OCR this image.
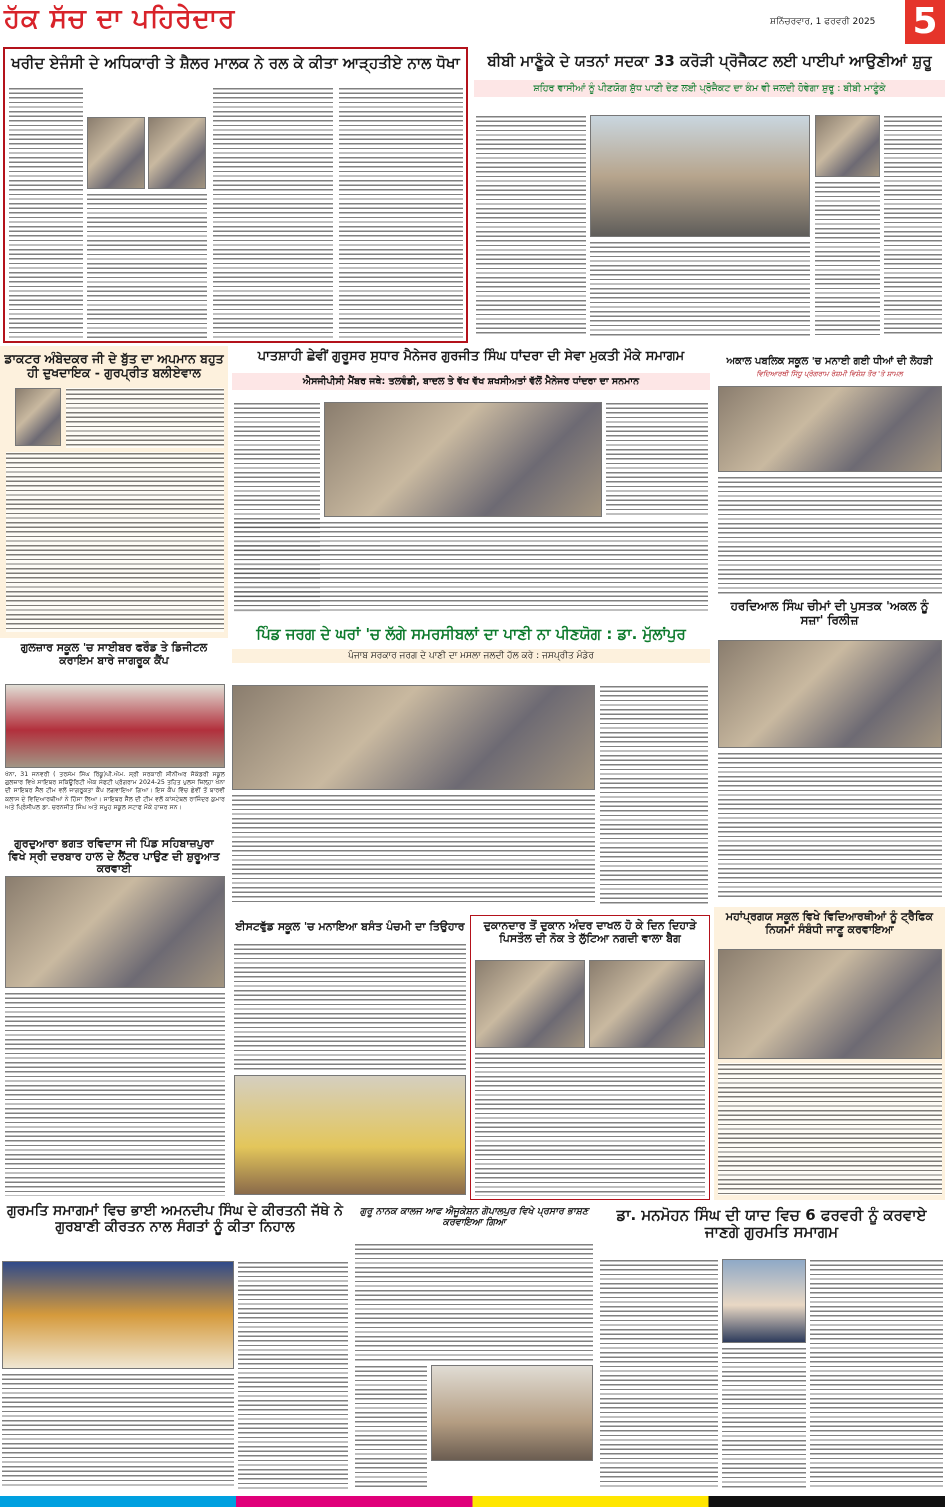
ਹੱਕ ਸੱਚ ਦਾ ਪਹਿਰੇਦਾਰ	ਸ਼ਨਿੱਚਰਵਾਰ, 1 ਫਰਵਰੀ 2025 5
ਖਰੀਦ ਏਜੰਸੀ ਦੇ ਅਧਿਕਾਰੀ ਤੇ ਸ਼ੈਲਰ ਮਾਲਕ ਨੇ ਰਲ ਕੇ ਕੀਤਾ ਆੜ੍ਹਤੀਏ ਨਾਲ ਧੋਖਾ	ਬੀਬੀ ਮਾਣੂੰਕੇ ਦੇ ਯਤਨਾਂ ਸਦਕਾ 33 ਕਰੋੜੀ ਪ੍ਰੋਜੈਕਟ ਲਈ ਪਾਈਪਾਂ ਆਉਣੀਆਂ ਸ਼ੁਰੂ
ਸ਼ਹਿਰ ਵਾਸੀਆਂ ਨੂੰ ਪੀਣਯੋਗ ਸ਼ੁੱਧ ਪਾਣੀ ਦੇਣ ਲਈ ਪ੍ਰੋਜੈਕਟ ਦਾ ਕੰਮ ਵੀ ਜਲਦੀ ਹੋਵੇਗਾ ਸ਼ੁਰੂ : ਬੀਬੀ ਮਾਣੂੰਕੇ
ਡਾਕਟਰ ਅੰਬੇਦਕਰ ਜੀ ਦੇ ਬੁੱਤ ਦਾ ਅਪਮਾਨ ਬਹੁਤ ਹੀ ਦੁਖਦਾਇਕ - ਗੁਰਪ੍ਰੀਤ ਬਲੀਏਵਾਲ
ਪਾਤਸ਼ਾਹੀ ਛੇਵੀਂ ਗੁਰੂਸਰ ਸੁਧਾਰ ਮੈਨੇਜਰ ਗੁਰਜੀਤ ਸਿੰਘ ਧਾਂਦਰਾ ਦੀ ਸੇਵਾ ਮੁਕਤੀ ਮੌਕੇ ਸਮਾਗਮ
ਐਸਜੀਪੀਸੀ ਮੈਂਬਰ ਜਥੇ: ਤਲਵੰਡੀ, ਬਾਦਲ ਤੇ ਵੱਖ ਵੱਖ ਸ਼ਖਸੀਅਤਾਂ ਵੱਲੋਂ ਮੈਨੇਜਰ ਧਾਂਦਰਾ ਦਾ ਸਨਮਾਨ
ਅਕਾਲ ਪਬਲਿਕ ਸਕੂਲ 'ਚ ਮਨਾਈ ਗਈ ਧੀਆਂ ਦੀ ਲੋਹੜੀ
ਵਿਦਿਆਰਥੀ ਸਿੱਧੂ ਪ੍ਰੋਗਰਾਮ ਰੇਸ਼ਮੀ ਵਿਸ਼ੇਸ਼ ਤੌਰ 'ਤੇ ਸ਼ਾਮਲ
ਹਰਦਿਆਲ ਸਿੰਘ ਚੀਮਾਂ ਦੀ ਪੁਸਤਕ 'ਅਕਲ ਨੂੰ ਸਜ਼ਾ' ਰਿਲੀਜ਼
ਪਿੰਡ ਜਰਗ ਦੇ ਘਰਾਂ 'ਚ ਲੱਗੇ ਸਮਰਸੀਬਲਾਂ ਦਾ ਪਾਣੀ ਨਾ ਪੀਣਯੋਗ : ਡਾ. ਮੁੱਲਾਂਪੁਰ
ਪੰਜਾਬ ਸਰਕਾਰ ਜਰਗ ਦੇ ਪਾਣੀ ਦਾ ਮਸਲਾ ਜਲਦੀ ਹੱਲ ਕਰੇ : ਜਸਪ੍ਰੀਤ ਮੰਡੇਰ
ਗੁਲਜ਼ਾਰ ਸਕੂਲ 'ਚ ਸਾਈਬਰ ਫਰੌਡ ਤੇ ਡਿਜੀਟਲ ਕਰਾਇਮ ਬਾਰੇ ਜਾਗਰੂਕ ਕੈਂਪ
ਖੰਨਾ, 31 ਜਨਵਰੀ ( ਤਰਸੇਮ ਸਿੰਘ ਰਿੰਕੂ)ਪੀ.ਐਮ. ਸ੍ਰੀ ਸਰਕਾਰੀ ਸੀਨੀਅਰ ਸੈਕੰਡਰੀ ਸਕੂਲ ਗੁਲਜ਼ਾਰ ਵਿਖੇ ਸਾਇਬਰ ਸਕਿਊਰਿਟੀ ਐਕ ਸੇਫਟੀ ਪ੍ਰੋਗਰਾਮ 2024-25 ਤਹਿਤ ਪੁਲਸ ਜ਼ਿਲ੍ਹਾ ਖੰਨਾ ਦੀ ਸਾਇਬਰ ਸੈੱਲ ਟੀਮ ਵਲੋਂ ਜਾਗਰੂਕਤਾ ਕੈਂਪ ਲਗਵਾਇਆ ਗਿਆ। ਇਸ ਕੈਂਪ ਵਿੱਚ ਛੇਵੀਂ ਤੋਂ ਬਾਰਵੀਂ ਕਲਾਸ ਦੇ ਵਿਦਿਆਰਥੀਆਂ ਨੇ ਹਿੱਸਾ ਲਿਆ। ਸਾਇਬਰ ਸੈੱਲ ਦੀ ਟੀਮ ਵਲੋਂ ਕਾਂਸਟੇਬਲ ਰਾਜਿੰਦਰ ਕੁਮਾਰ ਅਤੇ ਪ੍ਰਿੰਸੀਪਲ ਡਾ. ਚਰਨਜੀਤ ਸਿੰਘ ਅਤੇ ਸਮੂਹ ਸਕੂਲ ਸਟਾਫ ਮੌਕੇ ਹਾਜ਼ਰ ਸਨ।
ਗੁਰਦੁਆਰਾ ਭਗਤ ਰਵਿਦਾਸ ਜੀ ਪਿੰਡ ਸਹਿਬਾਜ਼ਪੁਰਾ ਵਿਖੇ ਸ੍ਰੀ ਦਰਬਾਰ ਹਾਲ ਦੇ ਲੈਂਟਰ ਪਾਉਣ ਦੀ ਸ਼ੁਰੂਆਤ ਕਰਵਾਈ
ਈਸਟਵੁੱਡ ਸਕੂਲ 'ਚ ਮਨਾਇਆ ਬਸੰਤ ਪੰਚਮੀ ਦਾ ਤਿਉਹਾਰ	ਦੁਕਾਨਦਾਰ ਤੋਂ ਦੁਕਾਨ ਅੰਦਰ ਦਾਖਲ ਹੋ ਕੇ ਦਿਨ ਦਿਹਾੜੇ ਪਿਸਤੌਲ ਦੀ ਨੋਕ ਤੇ ਲੁੱਟਿਆ ਨਗਦੀ ਵਾਲਾ ਬੈਗ
ਮਹਾਂਪ੍ਰਗਯ ਸਕੂਲ ਵਿਖੇ ਵਿਦਿਆਰਥੀਆਂ ਨੂੰ ਟ੍ਰੈਫਿਕ ਨਿਯਮਾਂ ਸੰਬੰਧੀ ਜਾਣੂ ਕਰਵਾਇਆ
ਗੁਰਮਤਿ ਸਮਾਗਮਾਂ ਵਿਚ ਭਾਈ ਅਮਨਦੀਪ ਸਿੰਘ ਦੇ ਕੀਰਤਨੀ ਜੱਥੇ ਨੇ ਗੁਰਬਾਣੀ ਕੀਰਤਨ ਨਾਲ ਸੰਗਤਾਂ ਨੂੰ ਕੀਤਾ ਨਿਹਾਲ
ਗੁਰੂ ਨਾਨਕ ਕਾਲਜ ਆਫ ਐਜੂਕੇਸ਼ਨ ਗੋਪਾਲਪੁਰ ਵਿਖੇ ਪ੍ਰਸਾਰ ਭਾਸ਼ਣ ਕਰਵਾਇਆ ਗਿਆ	ਡਾ. ਮਨਮੋਹਨ ਸਿੰਘ ਦੀ ਯਾਦ ਵਿਚ 6 ਫਰਵਰੀ ਨੂੰ ਕਰਵਾਏ ਜਾਣਗੇ ਗੁਰਮਤਿ ਸਮਾਗਮ
